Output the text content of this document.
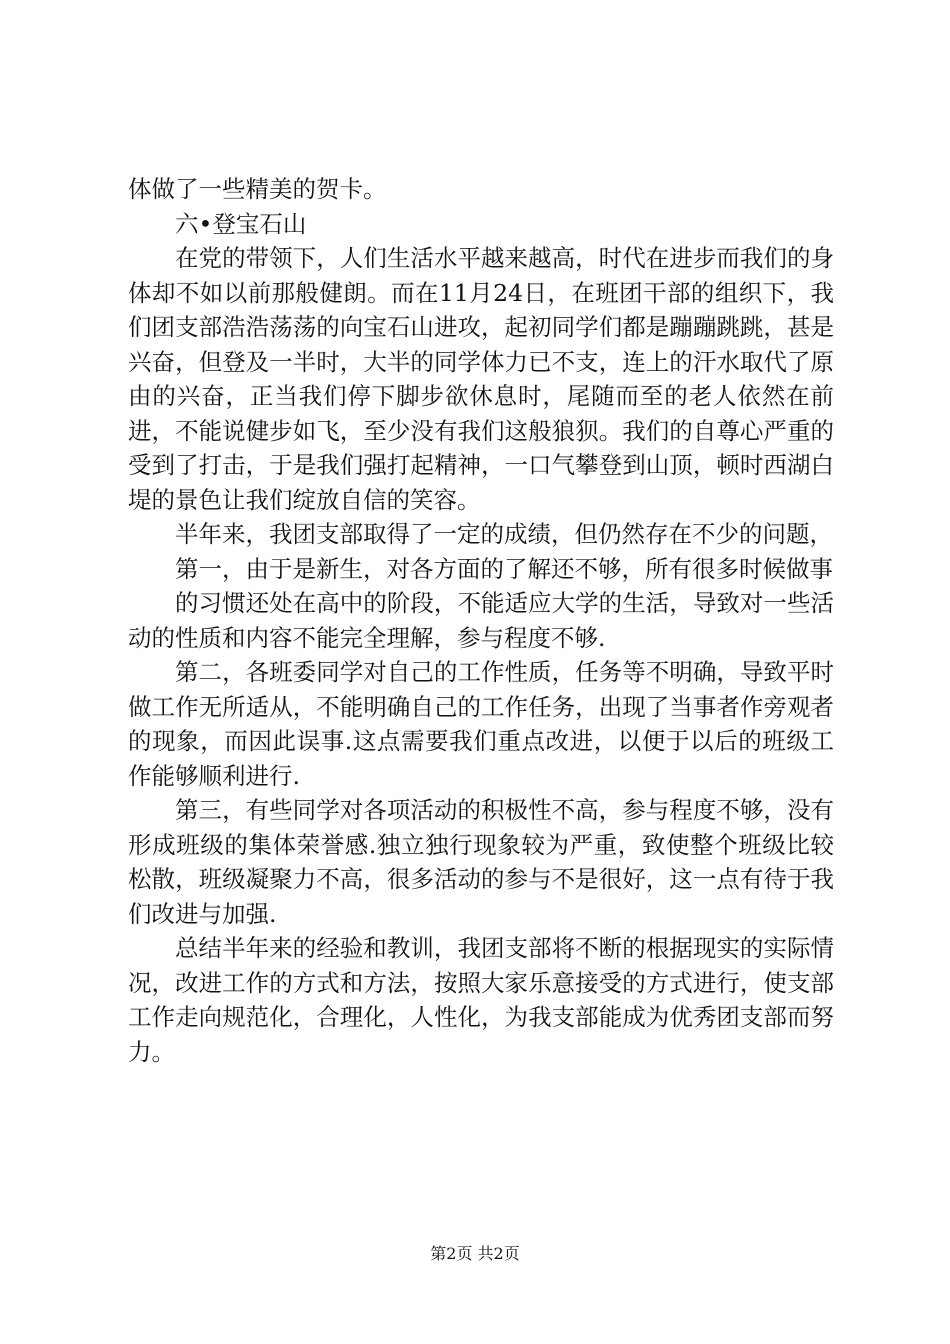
体做了一些精美的贺卡。

六•登宝石山

在党的带领下，人们生活水平越来越高，时代在进步而我们的身体却不如以前那般健朗。而在11月24日，在班团干部的组织下，我们团支部浩浩荡荡的向宝石山进攻，起初同学们都是蹦蹦跳跳，甚是兴奋，但登及一半时，大半的同学体力已不支，连上的汗水取代了原由的兴奋，正当我们停下脚步欲休息时，尾随而至的老人依然在前进，不能说健步如飞，至少没有我们这般狼狈。我们的自尊心严重的受到了打击，于是我们强打起精神，一口气攀登到山顶，顿时西湖白堤的景色让我们绽放自信的笑容。

半年来，我团支部取得了一定的成绩，但仍然存在不少的问题，

第一，由于是新生，对各方面的了解还不够，所有很多时候做事

的习惯还处在高中的阶段，不能适应大学的生活，导致对一些活动的性质和内容不能完全理解，参与程度不够.

第二，各班委同学对自己的工作性质，任务等不明确，导致平时做工作无所适从，不能明确自己的工作任务，出现了当事者作旁观者的现象，而因此误事.这点需要我们重点改进，以便于以后的班级工作能够顺利进行.

第三，有些同学对各项活动的积极性不高，参与程度不够，没有形成班级的集体荣誉感.独立独行现象较为严重，致使整个班级比较松散，班级凝聚力不高，很多活动的参与不是很好，这一点有待于我们改进与加强.

总结半年来的经验和教训，我团支部将不断的根据现实的实际情况，改进工作的方式和方法，按照大家乐意接受的方式进行，使支部工作走向规范化，合理化，人性化，为我支部能成为优秀团支部而努力。

第2页 共2页
